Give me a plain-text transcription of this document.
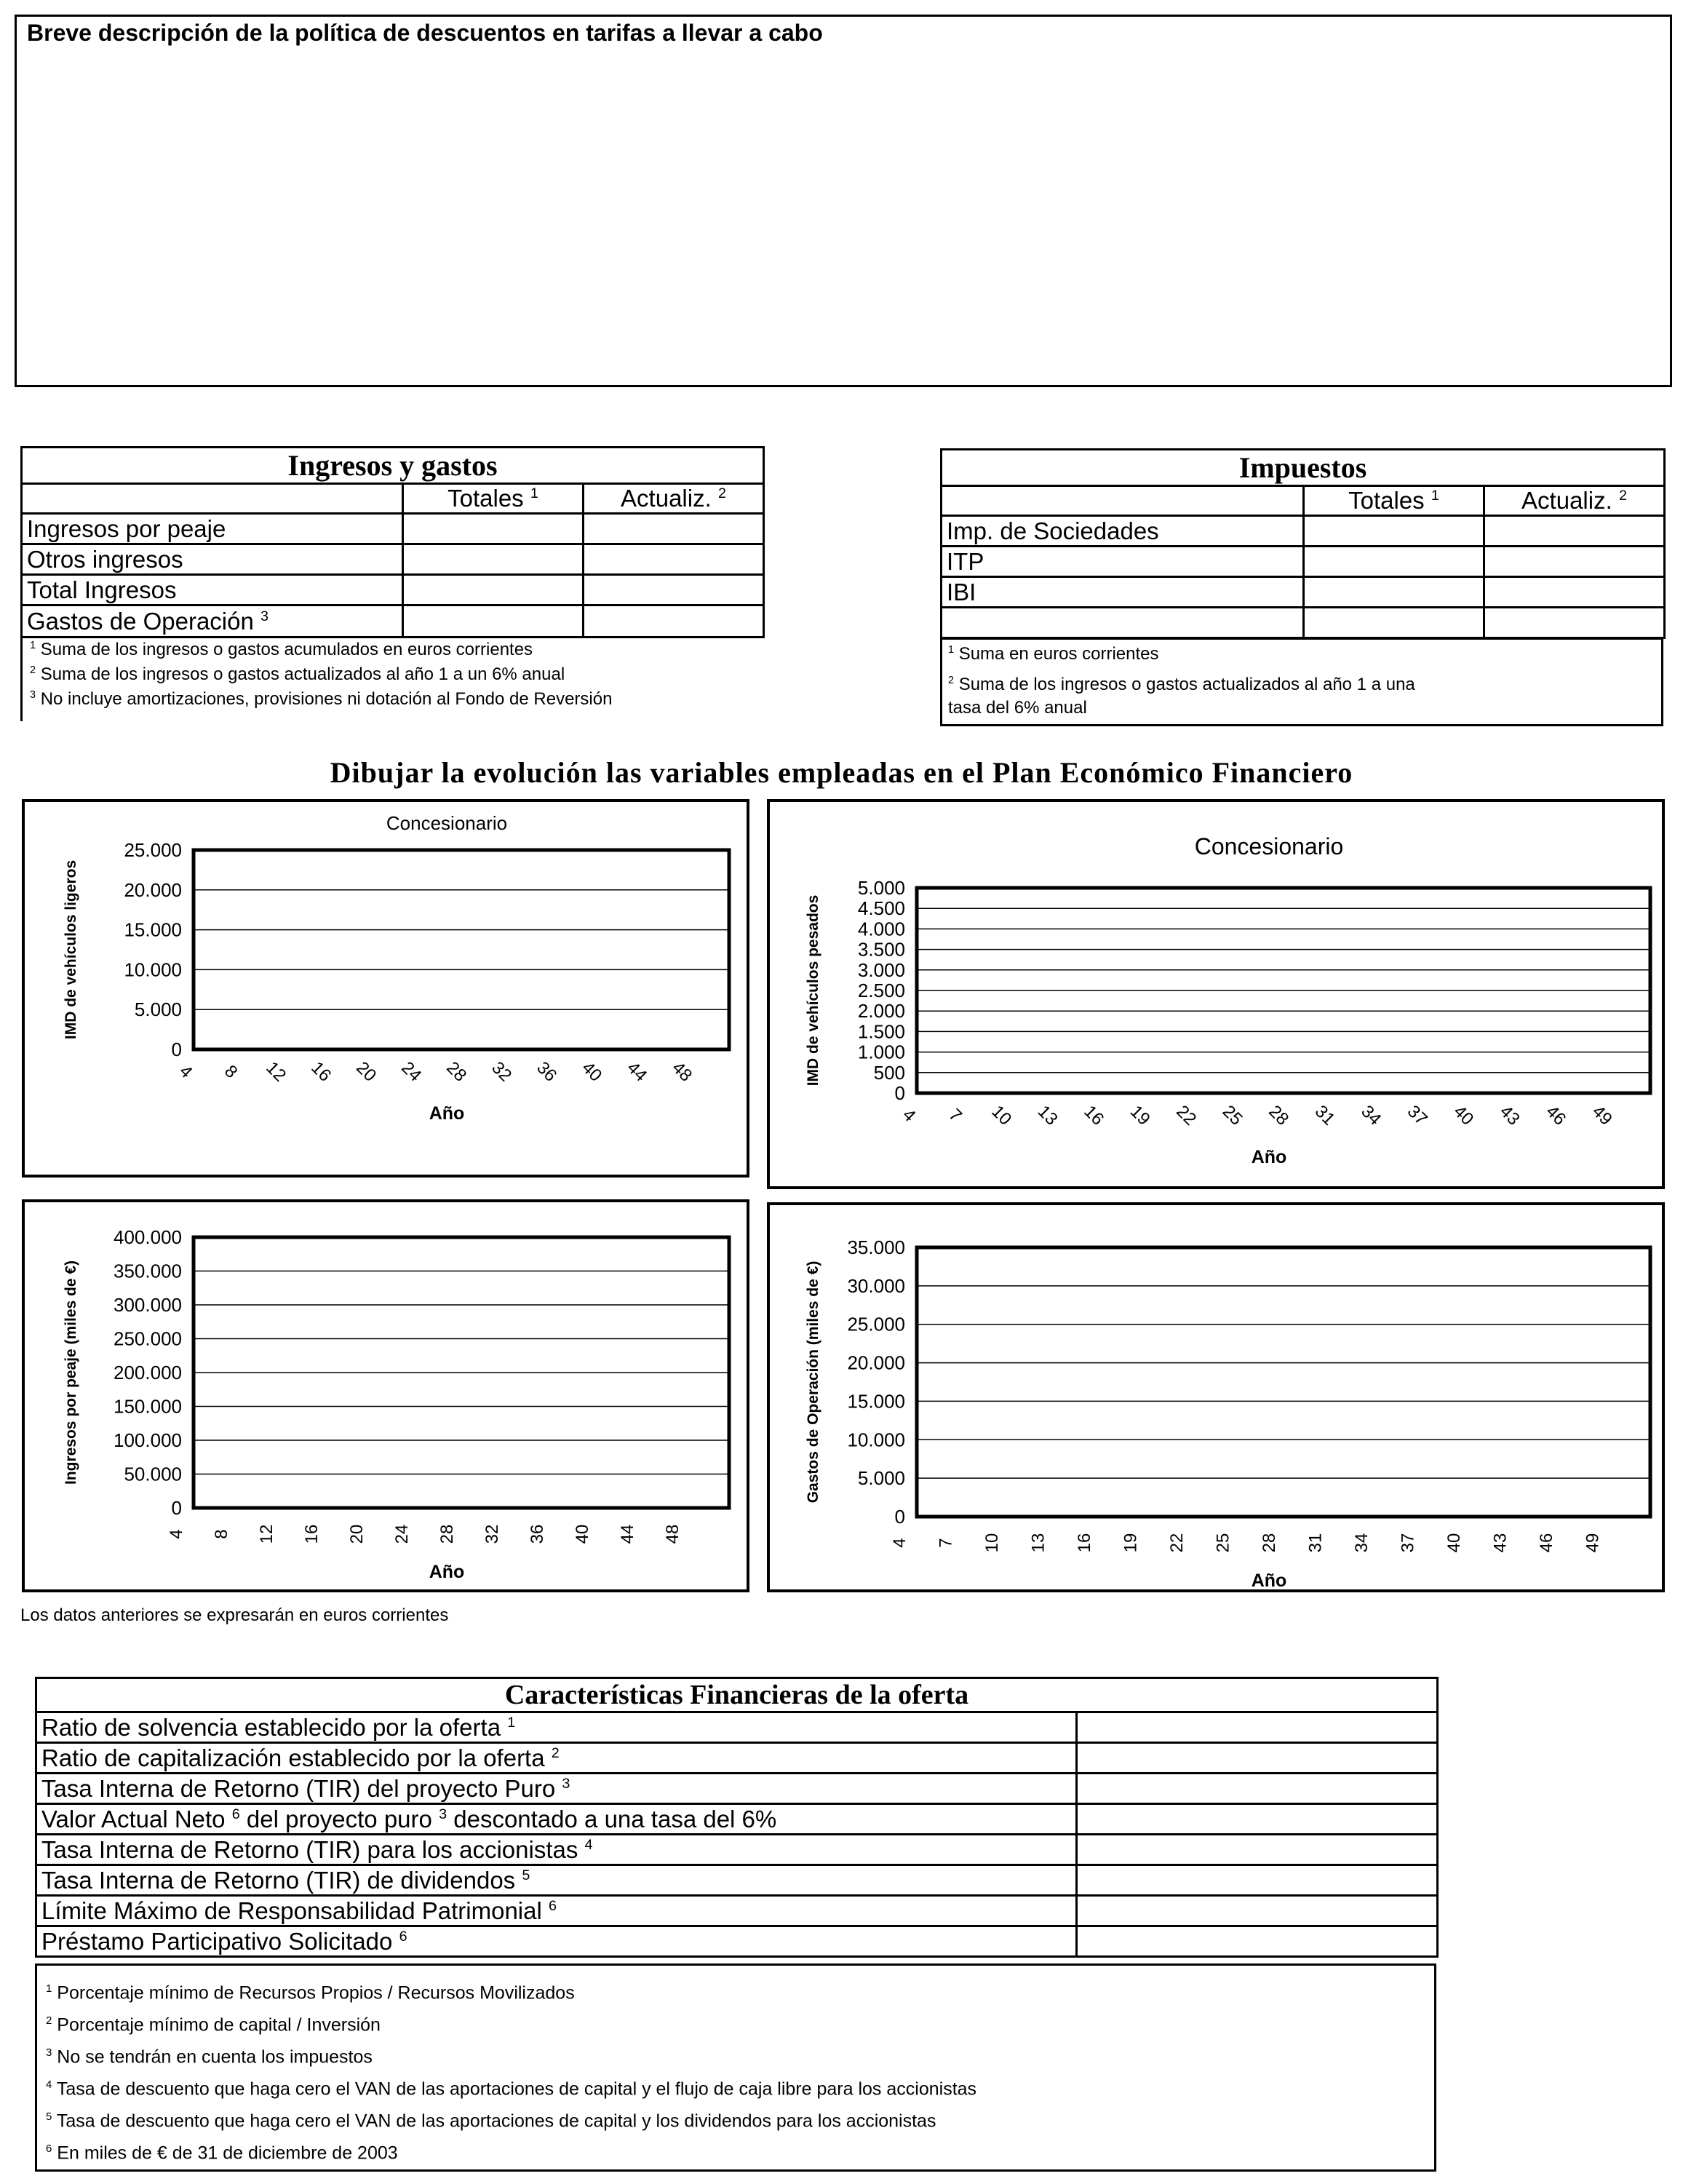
Breve descripción de la política de descuentos en tarifas a llevar a cabo
Ingresos y gastos		
	Totales $^1$	Actualiz. $^2$
Ingresos por peaje		
Otros ingresos		
Total Ingresos		
Gastos de Operación $^3$		
$^1$ Suma de los ingresos o gastos acumulados en euros corrientes
$^2$ Suma de los ingresos o gastos actualizados al año 1 a un 6% anual
$^3$ No incluye amortizaciones, provisiones ni dotación al Fondo de Reversión
Impuestos		
	Totales $^1$	Actualiz. $^2$
Imp. de Sociedades		
ITP		
IBI		

$^1$ Suma en euros corrientes
$^2$ Suma de los ingresos o gastos actualizados al año 1 a una
tasa del 6% anual
Dibujar la evolución las variables empleadas en el Plan Económico Financiero
Concesionario
0
5.000
10.000
15.000
20.000
25.000
4 8 12 16 20 24 28 32 36 40 44 48
Año
IMD de vehículos ligeros
Concesionario
0
500
1.000
1.500
2.000
2.500
3.000
3.500
4.000
4.500
5.000
4 7 10 13 16 19 22 25 28 31 34 37 40 43 46 49
Año
IMD de vehículos pesados
0
50.000
100.000
150.000
200.000
250.000
300.000
350.000
400.000
4 8 12 16 20 24 28 32 36 40 44 48
Año
Ingresos por peaje (miles de €)
0
5.000
10.000
15.000
20.000
25.000
30.000
35.000
4 7 10 13 16 19 22 25 28 31 34 37 40 43 46 49
Año
Gastos de Operación (miles de €)
Los datos anteriores se expresarán en euros corrientes
Características Financieras de la oferta	
Ratio de solvencia establecido por la oferta $^1$	
Ratio de capitalización establecido por la oferta $^2$	
Tasa Interna de Retorno (TIR) del proyecto Puro $^3$	
Valor Actual Neto $^6$ del proyecto puro $^3$ descontado a una tasa del 6%	
Tasa Interna de Retorno (TIR) para los accionistas $^4$	
Tasa Interna de Retorno (TIR) de dividendos $^5$	
Límite Máximo de Responsabilidad Patrimonial $^6$	
Préstamo Participativo Solicitado $^6$	
$^1$ Porcentaje mínimo de Recursos Propios / Recursos Movilizados
$^2$ Porcentaje mínimo de capital / Inversión
$^3$ No se tendrán en cuenta los impuestos
$^4$ Tasa de descuento que haga cero el VAN de las aportaciones de capital y el flujo de caja libre para los accionistas
$^5$ Tasa de descuento que haga cero el VAN de las aportaciones de capital y los dividendos para los accionistas
$^6$ En miles de € de 31 de diciembre de 2003
